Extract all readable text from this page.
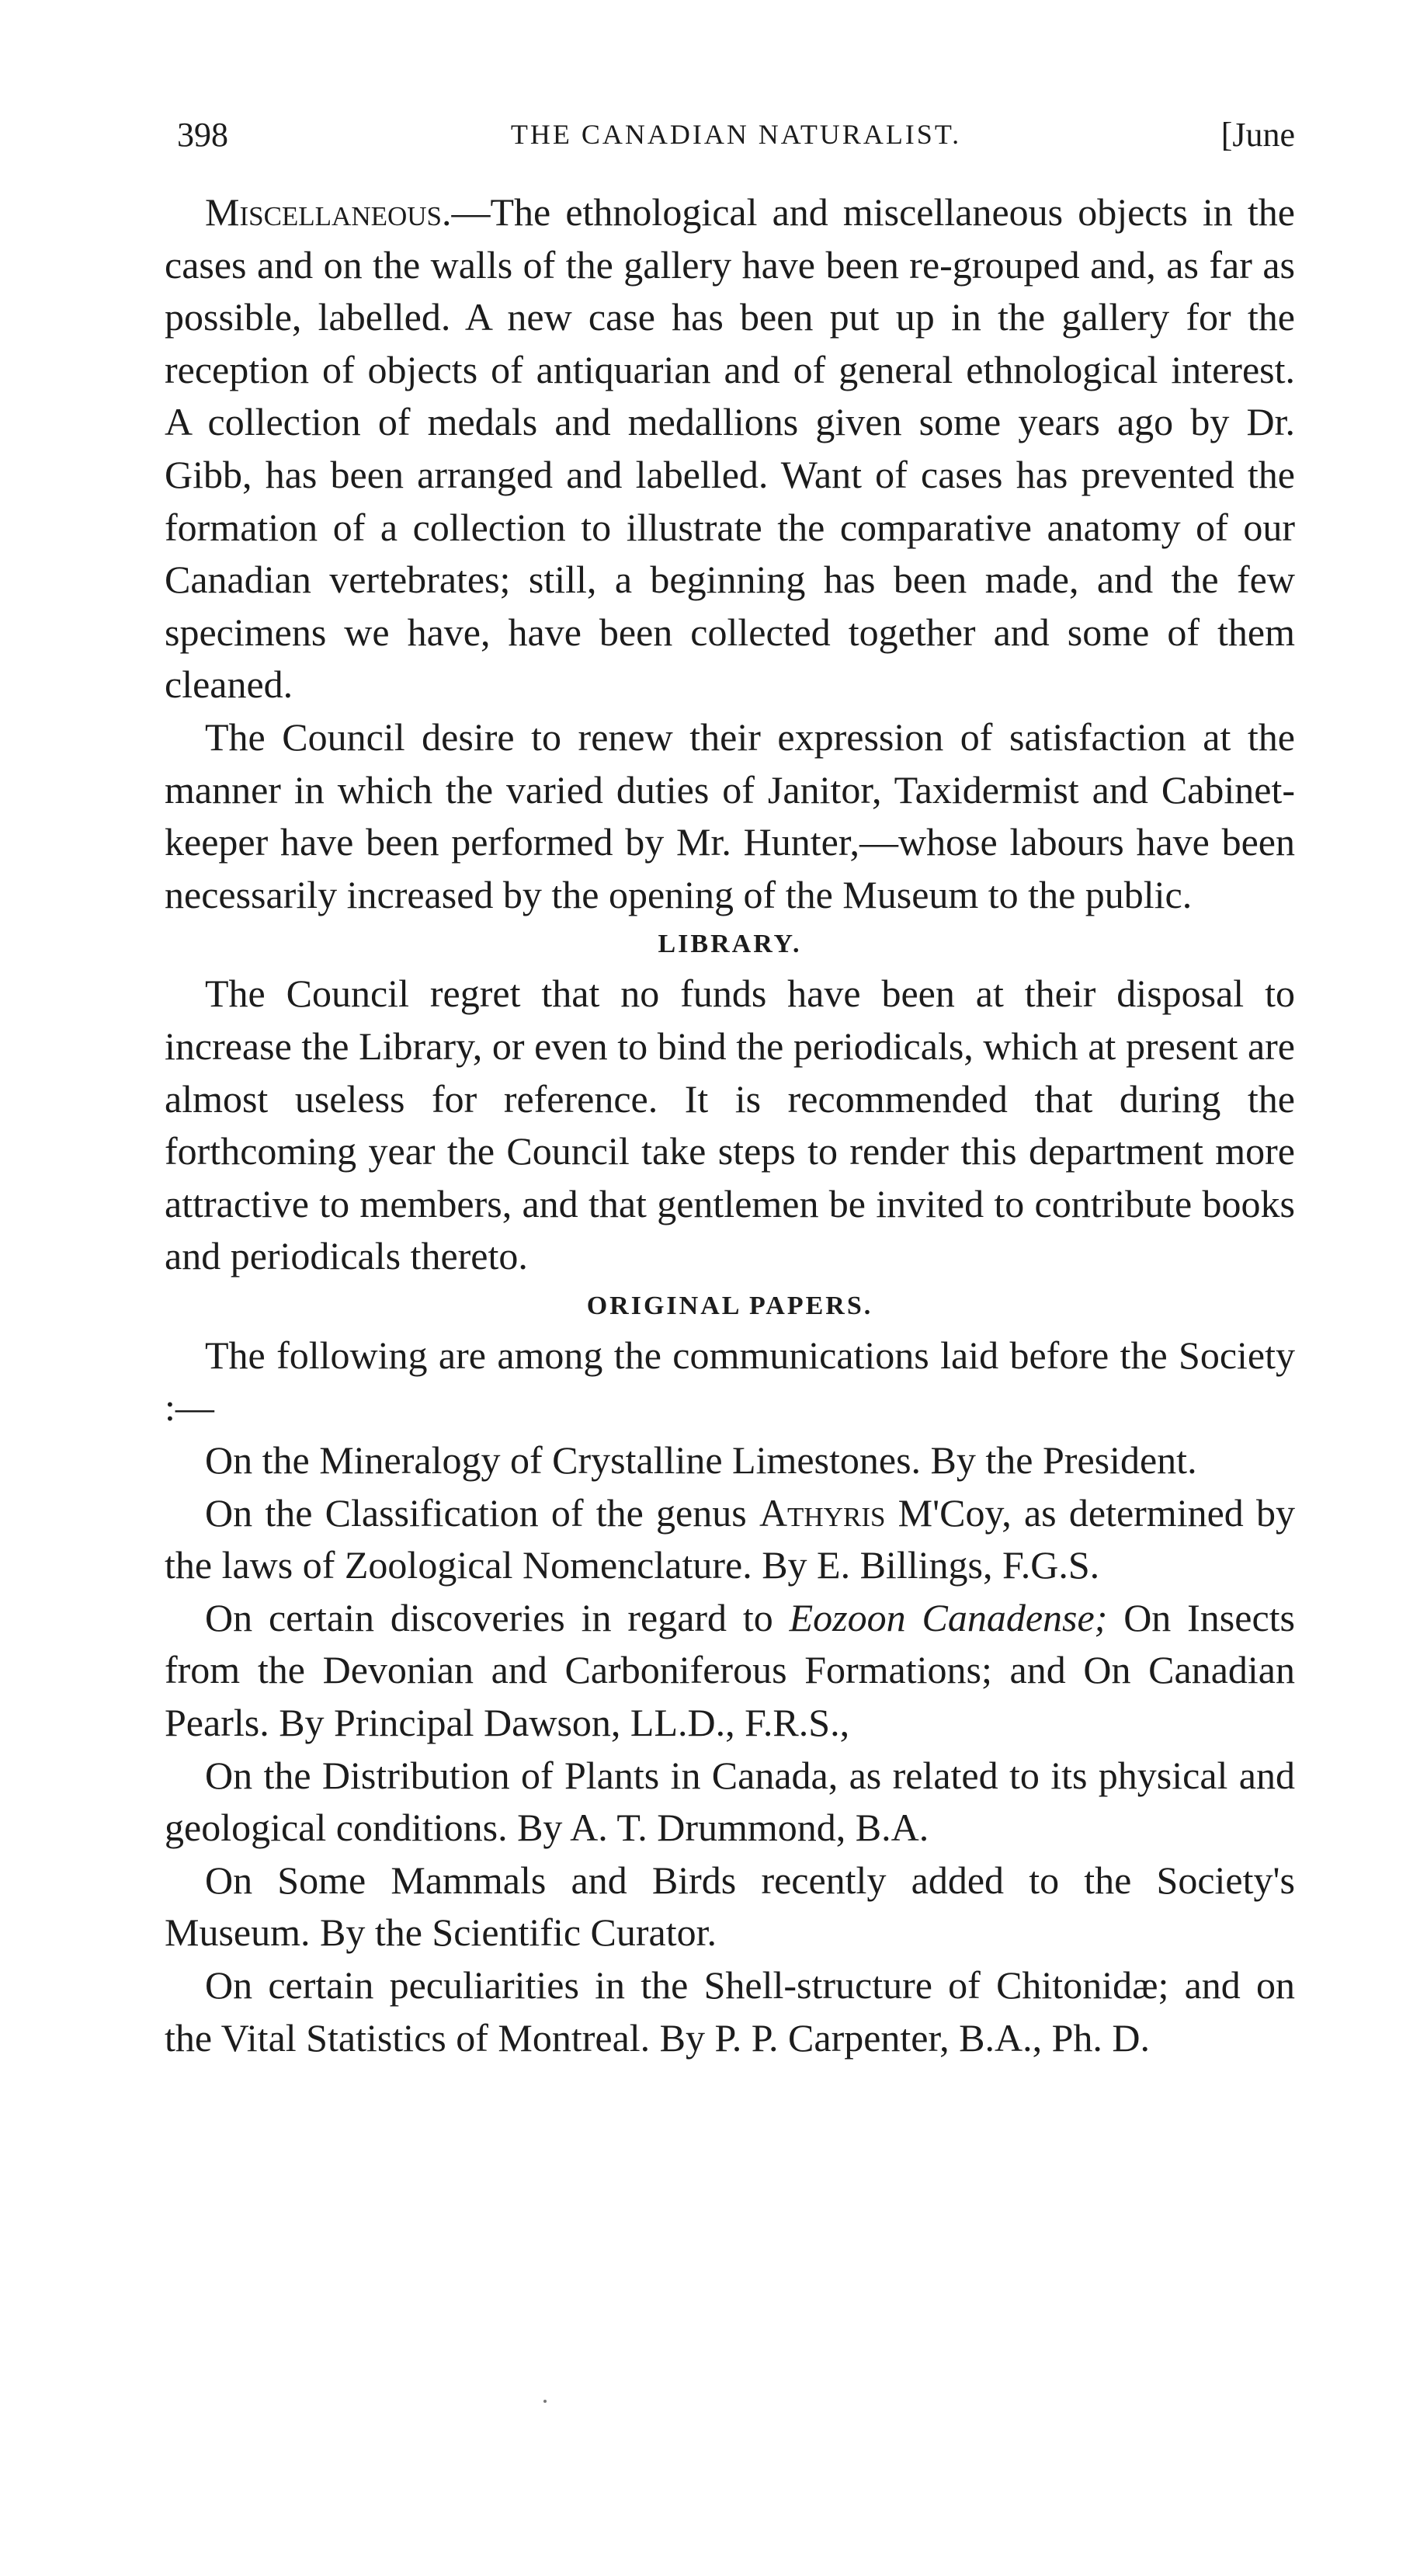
398	THE CANADIAN NATURALIST.	[June

Miscellaneous.—The ethnological and miscellaneous objects in the cases and on the walls of the gallery have been re-grouped and, as far as possible, labelled. A new case has been put up in the gallery for the reception of objects of antiquarian and of general ethnological interest. A collection of medals and medallions given some years ago by Dr. Gibb, has been arranged and labelled. Want of cases has prevented the formation of a collection to illustrate the comparative anatomy of our Canadian vertebrates; still, a beginning has been made, and the few specimens we have, have been collected together and some of them cleaned.

The Council desire to renew their expression of satisfaction at the manner in which the varied duties of Janitor, Taxidermist and Cabinet-keeper have been performed by Mr. Hunter,—whose labours have been necessarily increased by the opening of the Museum to the public.

LIBRARY.

The Council regret that no funds have been at their disposal to increase the Library, or even to bind the periodicals, which at present are almost useless for reference. It is recommended that during the forthcoming year the Council take steps to render this department more attractive to members, and that gentlemen be invited to contribute books and periodicals thereto.

ORIGINAL PAPERS.

The following are among the communications laid before the Society :—

On the Mineralogy of Crystalline Limestones. By the President.

On the Classification of the genus Athyris M'Coy, as determined by the laws of Zoological Nomenclature. By E. Billings, F.G.S.

On certain discoveries in regard to Eozoon Canadense; On Insects from the Devonian and Carboniferous Formations; and On Canadian Pearls. By Principal Dawson, LL.D., F.R.S.,

On the Distribution of Plants in Canada, as related to its physical and geological conditions. By A. T. Drummond, B.A.

On Some Mammals and Birds recently added to the Society's Museum. By the Scientific Curator.

On certain peculiarities in the Shell-structure of Chitonidæ; and on the Vital Statistics of Montreal. By P. P. Carpenter, B.A., Ph. D.
